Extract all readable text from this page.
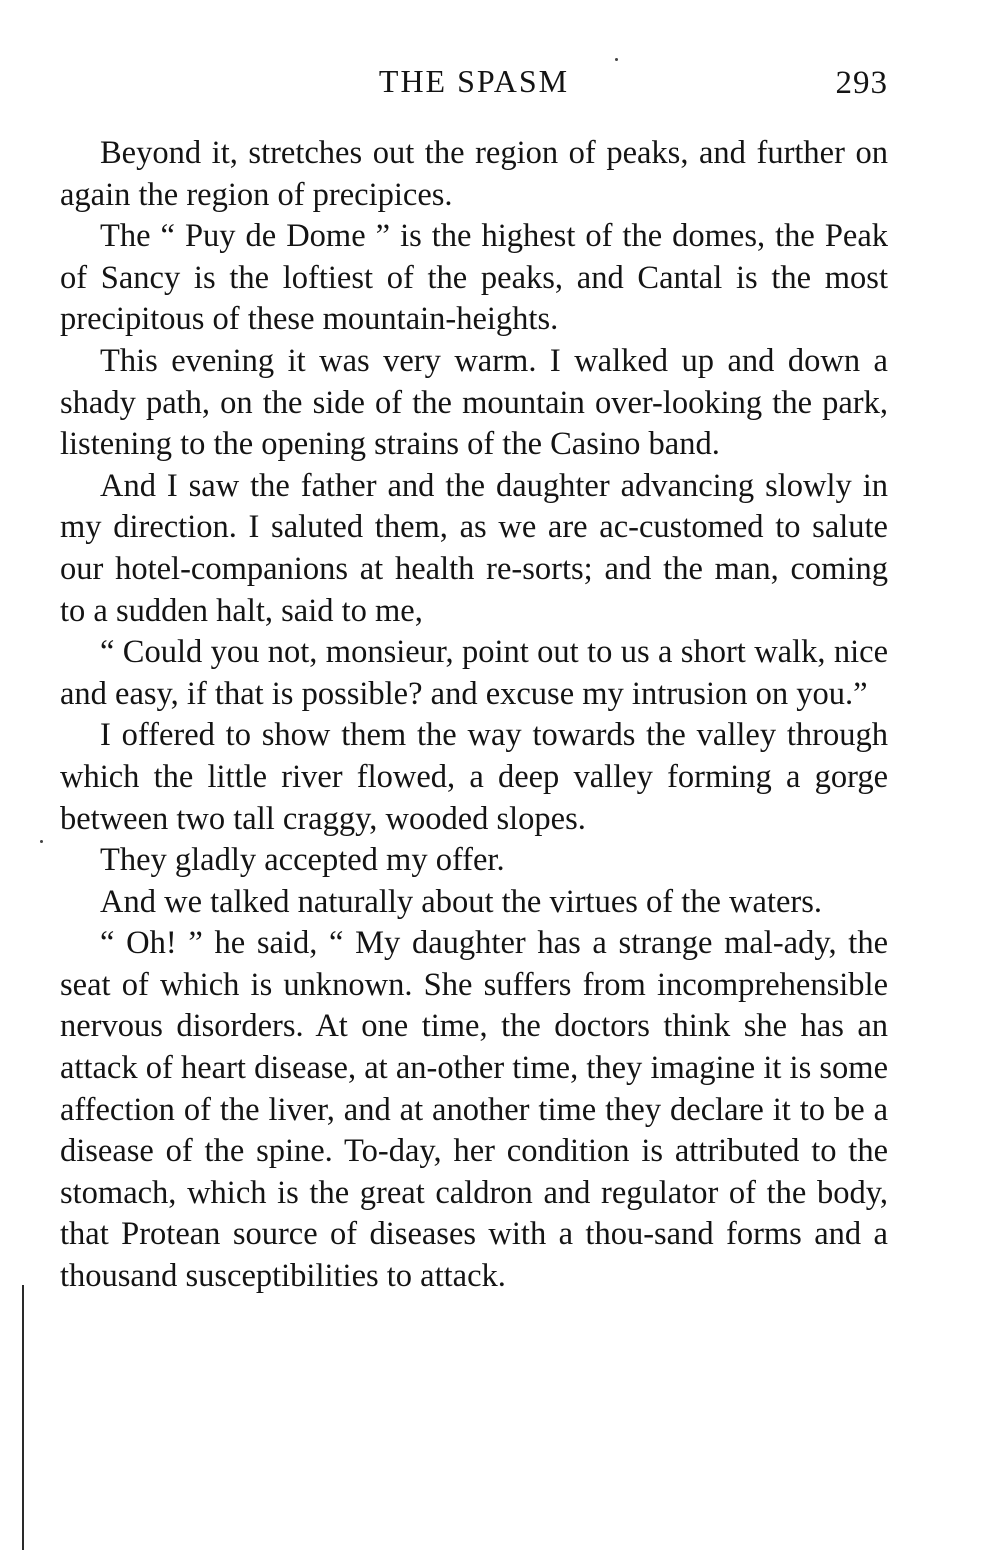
THE SPASM	293

Beyond it, stretches out the region of peaks, and further on again the region of precipices.

The “ Puy de Dome ” is the highest of the domes, the Peak of Sancy is the loftiest of the peaks, and Cantal is the most precipitous of these mountain-heights.

This evening it was very warm. I walked up and down a shady path, on the side of the mountain over-looking the park, listening to the opening strains of the Casino band.

And I saw the father and the daughter advancing slowly in my direction. I saluted them, as we are ac-customed to salute our hotel-companions at health re-sorts; and the man, coming to a sudden halt, said to me,

“ Could you not, monsieur, point out to us a short walk, nice and easy, if that is possible? and excuse my intrusion on you.”

I offered to show them the way towards the valley through which the little river flowed, a deep valley forming a gorge between two tall craggy, wooded slopes.

They gladly accepted my offer.

And we talked naturally about the virtues of the waters.

“ Oh! ” he said, “ My daughter has a strange mal-ady, the seat of which is unknown. She suffers from incomprehensible nervous disorders. At one time, the doctors think she has an attack of heart disease, at an-other time, they imagine it is some affection of the liver, and at another time they declare it to be a disease of the spine. To-day, her condition is attributed to the stomach, which is the great caldron and regulator of the body, that Protean source of diseases with a thou-sand forms and a thousand susceptibilities to attack.
